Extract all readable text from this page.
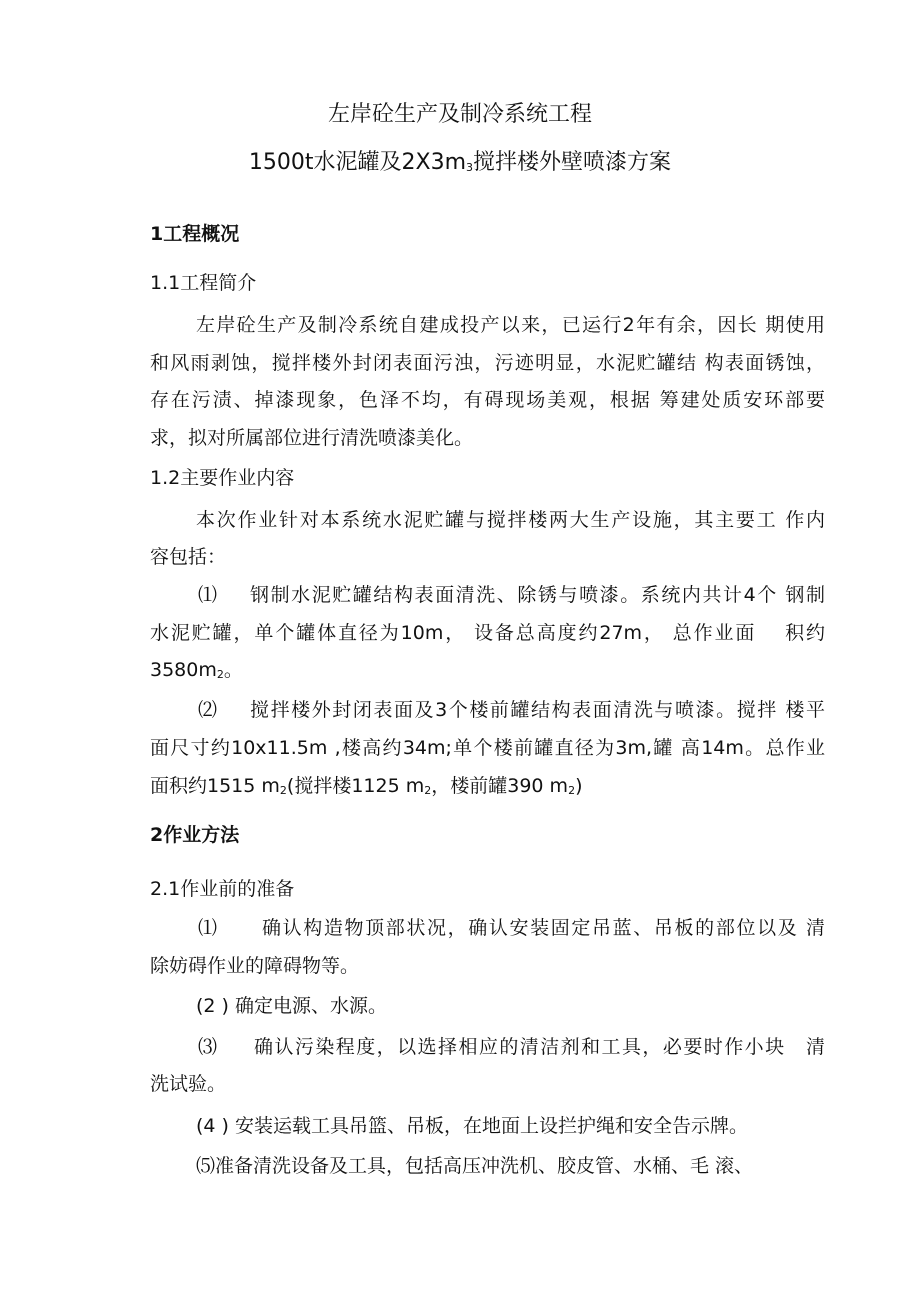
左岸砼生产及制冷系统工程
1500t水泥罐及$2X3m_3$搅拌楼外壁喷漆方案
1工程概况
1.1工程简介
左岸砼生产及制冷系统自建成投产以来，已运行2年有余，因长 期使用
和风雨剥蚀，搅拌楼外封闭表面污浊，污迹明显，水泥贮罐结 构表面锈蚀，
存在污渍、掉漆现象，色泽不均，有碍现场美观，根据 筹建处质安环部要
求，拟对所属部位进行清洗喷漆美化。
1.2主要作业内容
本次作业针对本系统水泥贮罐与搅拌楼两大生产设施，其主要工 作内
容包括：
⑴ 钢制水泥贮罐结构表面清洗、除锈与喷漆。系统内共计4个 钢制
水泥贮罐，单个罐体直径为10m， 设备总高度约27m， 总作业面　 积约
$3580m_2$。
⑵ 搅拌楼外封闭表面及3个楼前罐结构表面清洗与喷漆。搅拌 楼平
面尺寸约10x11.5m ,楼高约34m;单个楼前罐直径为3m,罐 高14m。总作业
面积约1515 $m_2$(搅拌楼1125 $m_2$，楼前罐390 $m_2$)
2作业方法
2.1作业前的准备
⑴ 确认构造物顶部状况，确认安装固定吊蓝、吊板的部位以及 清
除妨碍作业的障碍物等。
(2 ) 确定电源、水源。
⑶ 确认污染程度，以选择相应的清洁剂和工具，必要时作小块　清
洗试验。
(4 ) 安装运载工具吊篮、吊板，在地面上设拦护绳和安全告示牌。
⑸准备清洗设备及工具，包括高压冲洗机、胶皮管、水桶、毛 滚、
